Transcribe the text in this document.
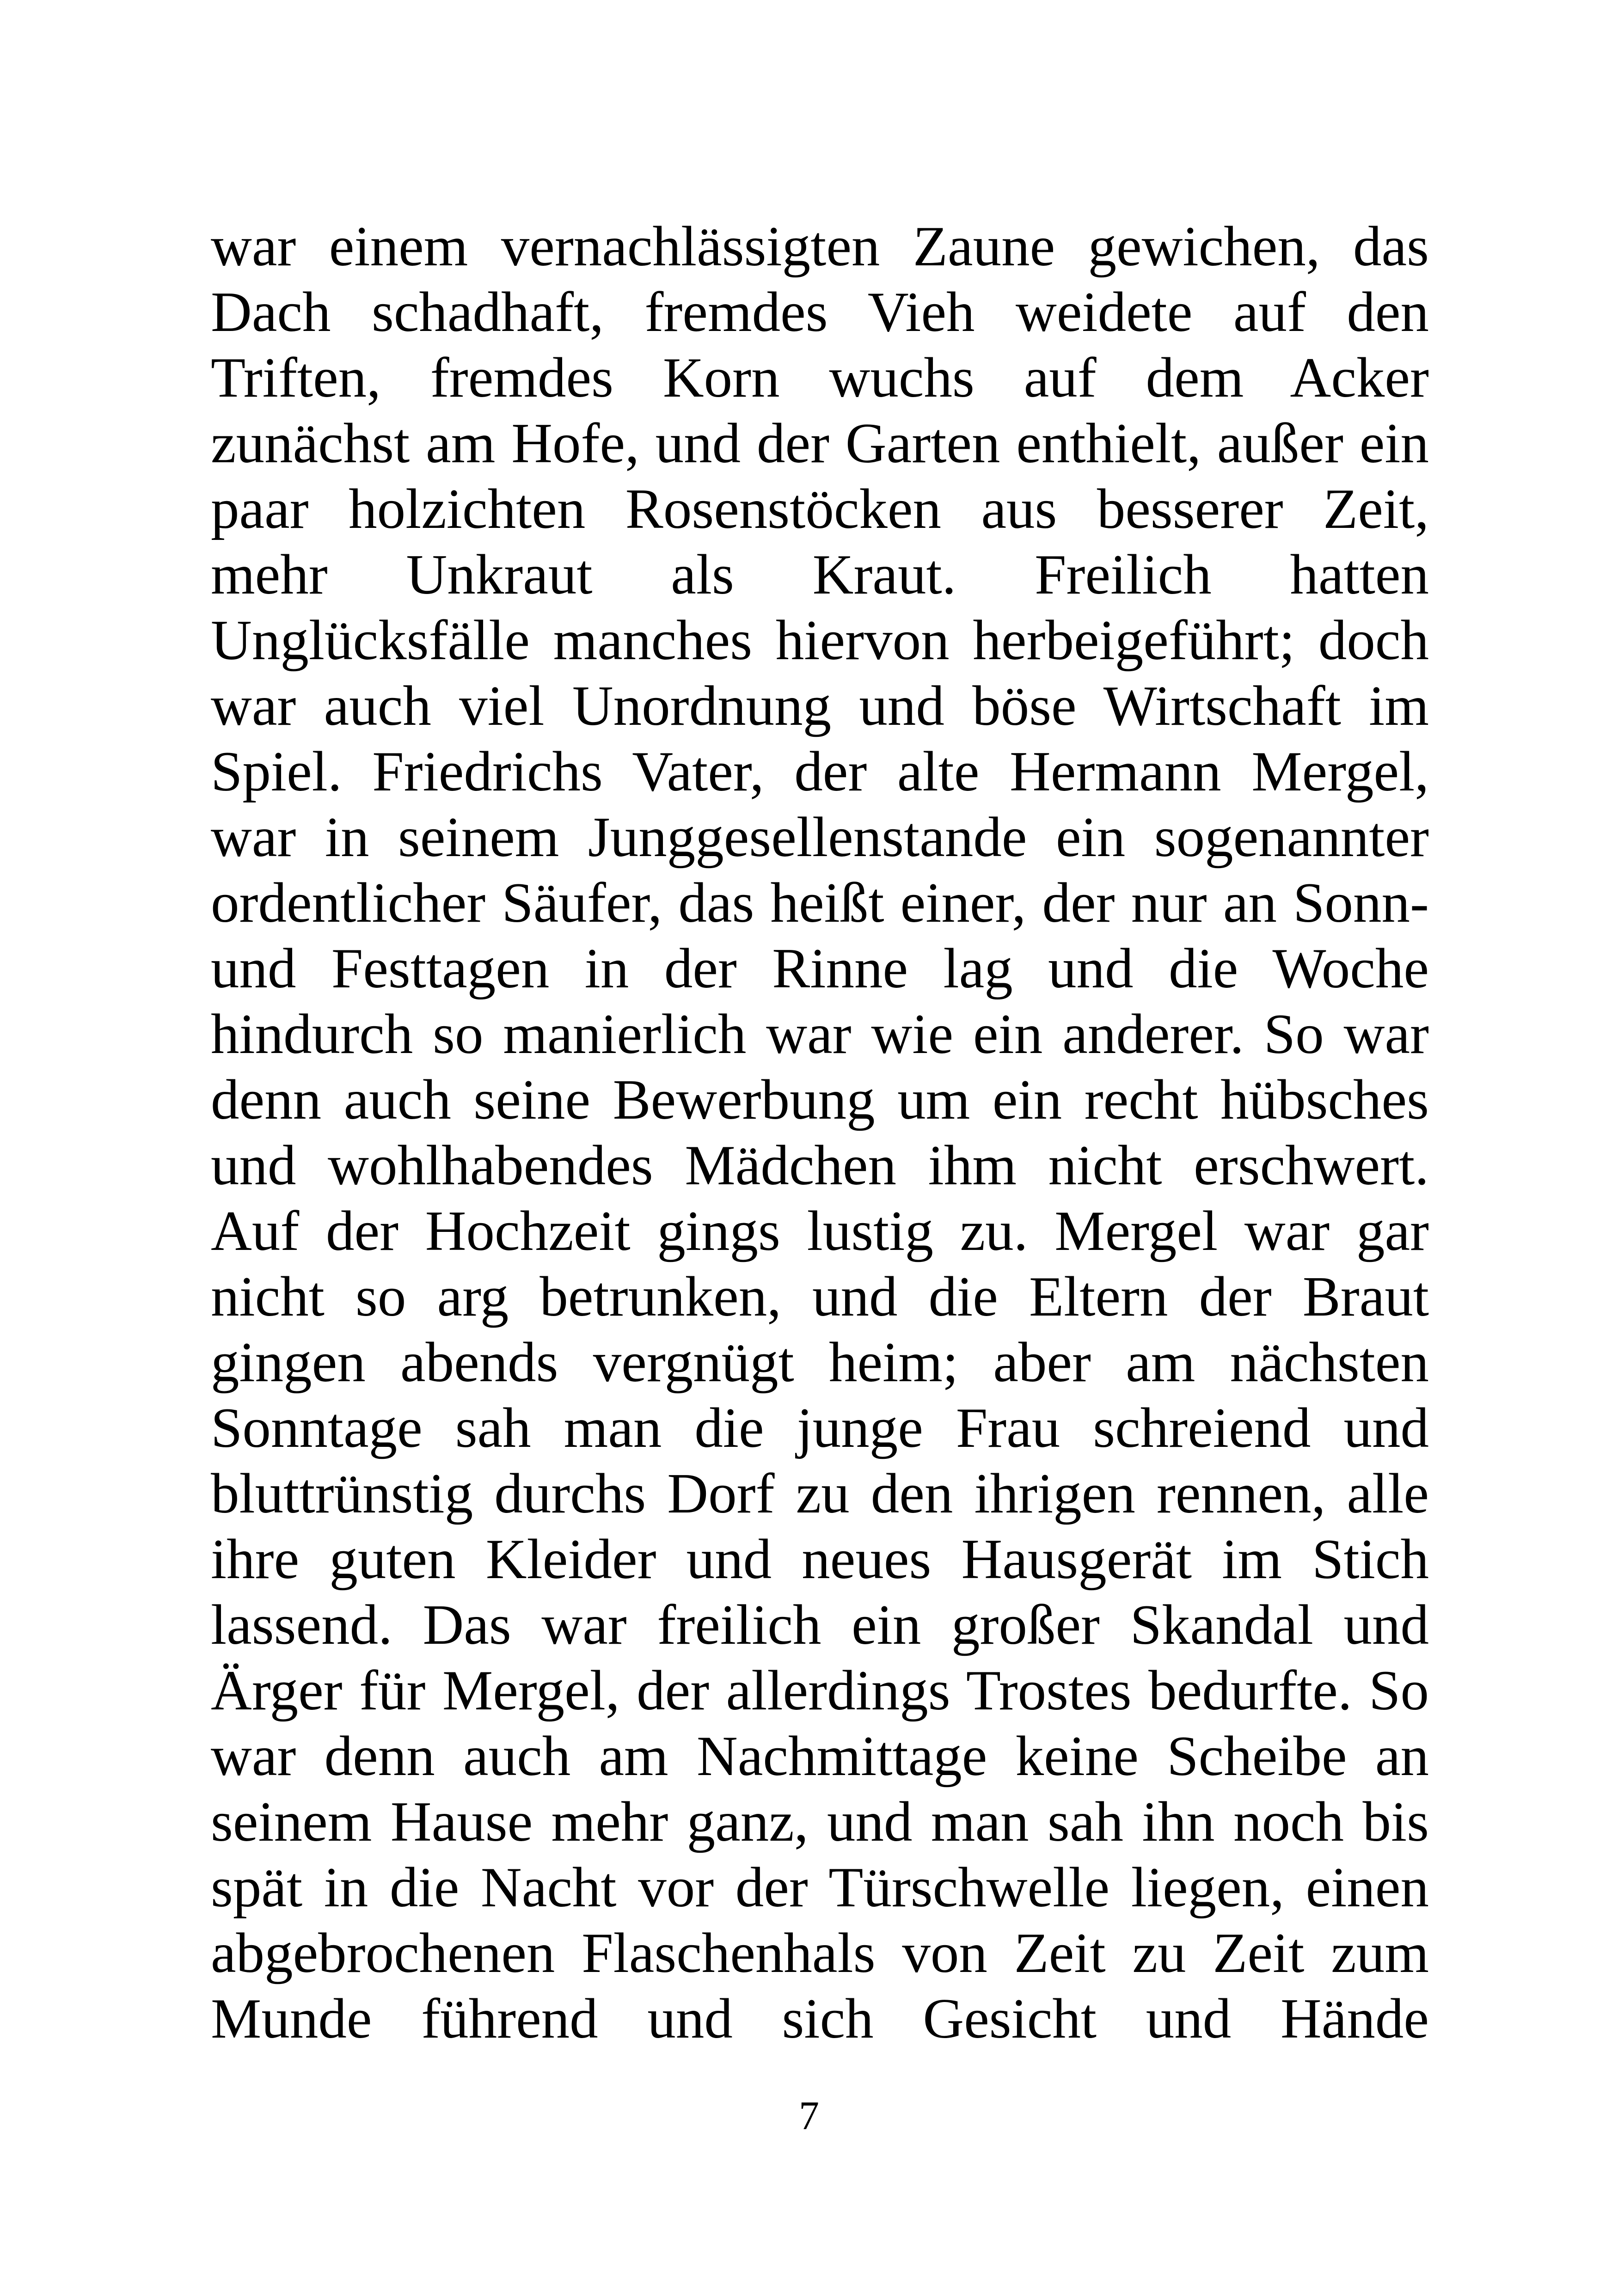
war einem vernachlässigten Zaune gewichen, das
Dach schadhaft, fremdes Vieh weidete auf den
Triften, fremdes Korn wuchs auf dem Acker
zunächst am Hofe, und der Garten enthielt, außer ein
paar holzichten Rosenstöcken aus besserer Zeit,
mehr Unkraut als Kraut. Freilich hatten
Unglücksfälle manches hiervon herbeigeführt; doch
war auch viel Unordnung und böse Wirtschaft im
Spiel. Friedrichs Vater, der alte Hermann Mergel,
war in seinem Junggesellenstande ein sogenannter
ordentlicher Säufer, das heißt einer, der nur an Sonn-
und Festtagen in der Rinne lag und die Woche
hindurch so manierlich war wie ein anderer. So war
denn auch seine Bewerbung um ein recht hübsches
und wohlhabendes Mädchen ihm nicht erschwert.
Auf der Hochzeit gings lustig zu. Mergel war gar
nicht so arg betrunken, und die Eltern der Braut
gingen abends vergnügt heim; aber am nächsten
Sonntage sah man die junge Frau schreiend und
bluttrünstig durchs Dorf zu den ihrigen rennen, alle
ihre guten Kleider und neues Hausgerät im Stich
lassend. Das war freilich ein großer Skandal und
Ärger für Mergel, der allerdings Trostes bedurfte. So
war denn auch am Nachmittage keine Scheibe an
seinem Hause mehr ganz, und man sah ihn noch bis
spät in die Nacht vor der Türschwelle liegen, einen
abgebrochenen Flaschenhals von Zeit zu Zeit zum
Munde führend und sich Gesicht und Hände
7
